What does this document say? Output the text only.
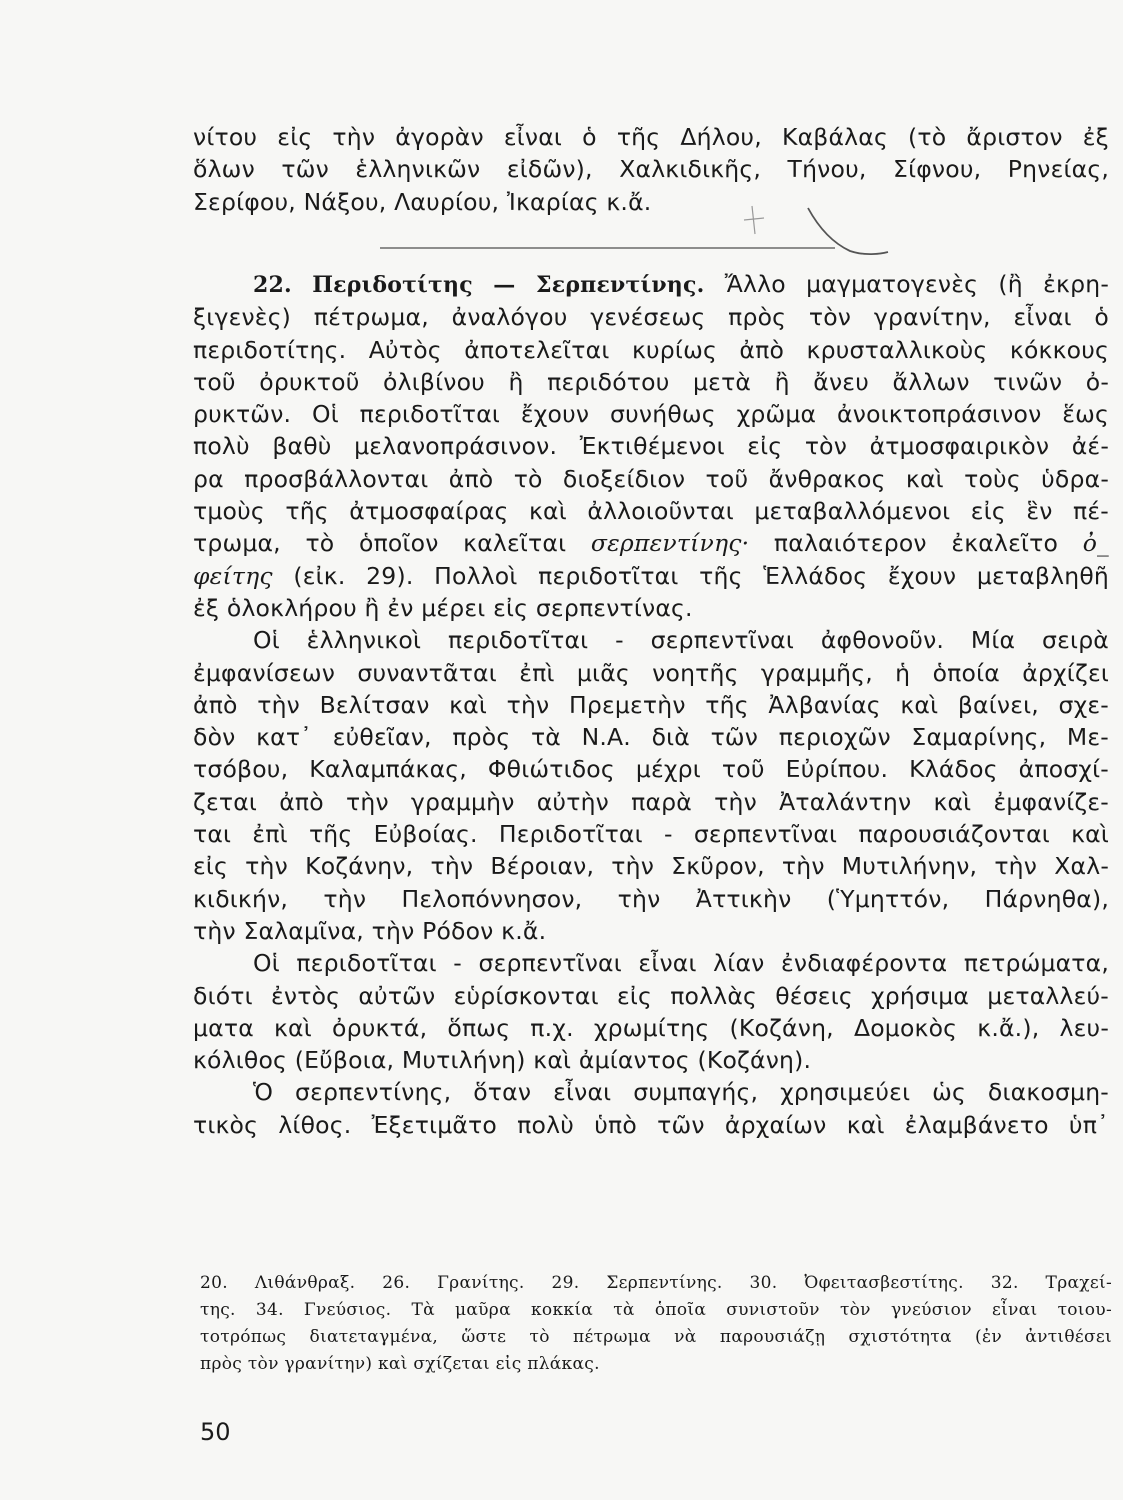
νίτου εἰς τὴν ἀγορὰν εἶναι ὁ τῆς Δήλου, Καβάλας (τὸ ἄριστον ἐξ
ὅλων τῶν ἑλληνικῶν εἰδῶν), Χαλκιδικῆς, Τήνου, Σίφνου, Ρηνείας,
Σερίφου, Νάξου, Λαυρίου, Ἰκαρίας κ.ἄ.
22. Περιδοτίτης — Σερπεντίνης. Ἄλλο μαγματογενὲς (ἢ ἐκρη-
ξιγενὲς) πέτρωμα, ἀναλόγου γενέσεως πρὸς τὸν γρανίτην, εἶναι ὁ
περιδοτίτης. Αὐτὸς ἀποτελεῖται κυρίως ἀπὸ κρυσταλλικοὺς κόκκους
τοῦ ὀρυκτοῦ ὀλιβίνου ἢ περιδότου μετὰ ἢ ἄνευ ἄλλων τινῶν ὀ-
ρυκτῶν. Οἱ περιδοτῖται ἔχουν συνήθως χρῶμα ἀνοικτοπράσινον ἕως
πολὺ βαθὺ μελανοπράσινον. Ἐκτιθέμενοι εἰς τὸν ἀτμοσφαιρικὸν ἀέ-
ρα προσβάλλονται ἀπὸ τὸ διοξείδιον τοῦ ἄνθρακος καὶ τοὺς ὑδρα-
τμοὺς τῆς ἀτμοσφαίρας καὶ ἀλλοιοῦνται μεταβαλλόμενοι εἰς ἓν πέ-
τρωμα, τὸ ὁποῖον καλεῖται σερπεντίνης· παλαιότερον ἐκαλεῖτο ὀ_
φείτης (εἰκ. 29). Πολλοὶ περιδοτῖται τῆς Ἑλλάδος ἔχουν μεταβληθῆ
ἐξ ὁλοκλήρου ἢ ἐν μέρει εἰς σερπεντίνας.
Οἱ ἑλληνικοὶ περιδοτῖται - σερπεντῖναι ἀφθονοῦν. Μία σειρὰ
ἐμφανίσεων συναντᾶται ἐπὶ μιᾶς νοητῆς γραμμῆς, ἡ ὁποία ἀρχίζει
ἀπὸ τὴν Βελίτσαν καὶ τὴν Πρεμετὴν τῆς Ἀλβανίας καὶ βαίνει, σχε-
δὸν κατ᾽ εὐθεῖαν, πρὸς τὰ Ν.Α. διὰ τῶν περιοχῶν Σαμαρίνης, Με-
τσόβου, Καλαμπάκας, Φθιώτιδος μέχρι τοῦ Εὐρίπου. Κλάδος ἀποσχί-
ζεται ἀπὸ τὴν γραμμὴν αὐτὴν παρὰ τὴν Ἀταλάντην καὶ ἐμφανίζε-
ται ἐπὶ τῆς Εὐβοίας. Περιδοτῖται - σερπεντῖναι παρουσιάζονται καὶ
εἰς τὴν Κοζάνην, τὴν Βέροιαν, τὴν Σκῦρον, τὴν Μυτιλήνην, τὴν Χαλ-
κιδικήν, τὴν Πελοπόννησον, τὴν Ἀττικὴν (Ὑμηττόν, Πάρνηθα),
τὴν Σαλαμῖνα, τὴν Ρόδον κ.ἄ.
Οἱ περιδοτῖται - σερπεντῖναι εἶναι λίαν ἐνδιαφέροντα πετρώματα,
διότι ἐντὸς αὐτῶν εὑρίσκονται εἰς πολλὰς θέσεις χρήσιμα μεταλλεύ-
ματα καὶ ὀρυκτά, ὅπως π.χ. χρωμίτης (Κοζάνη, Δομοκὸς κ.ἄ.), λευ-
κόλιθος (Εὔβοια, Μυτιλήνη) καὶ ἀμίαντος (Κοζάνη).
Ὁ σερπεντίνης, ὅταν εἶναι συμπαγής, χρησιμεύει ὡς διακοσμη-
τικὸς λίθος. Ἐξετιμᾶτο πολὺ ὑπὸ τῶν ἀρχαίων καὶ ἐλαμβάνετο ὑπ᾽
20. Λιθάνθραξ. 26. Γρανίτης. 29. Σερπεντίνης. 30. Ὀφειτασβεστίτης. 32. Τραχεί-
της. 34. Γνεύσιος. Τὰ μαῦρα κοκκία τὰ ὁποῖα συνιστοῦν τὸν γνεύσιον εἶναι τοιου-
τοτρόπως διατεταγμένα, ὥστε τὸ πέτρωμα νὰ παρουσιάζῃ σχιστότητα (ἐν ἀντιθέσει
πρὸς τὸν γρανίτην) καὶ σχίζεται εἰς πλάκας.
50
